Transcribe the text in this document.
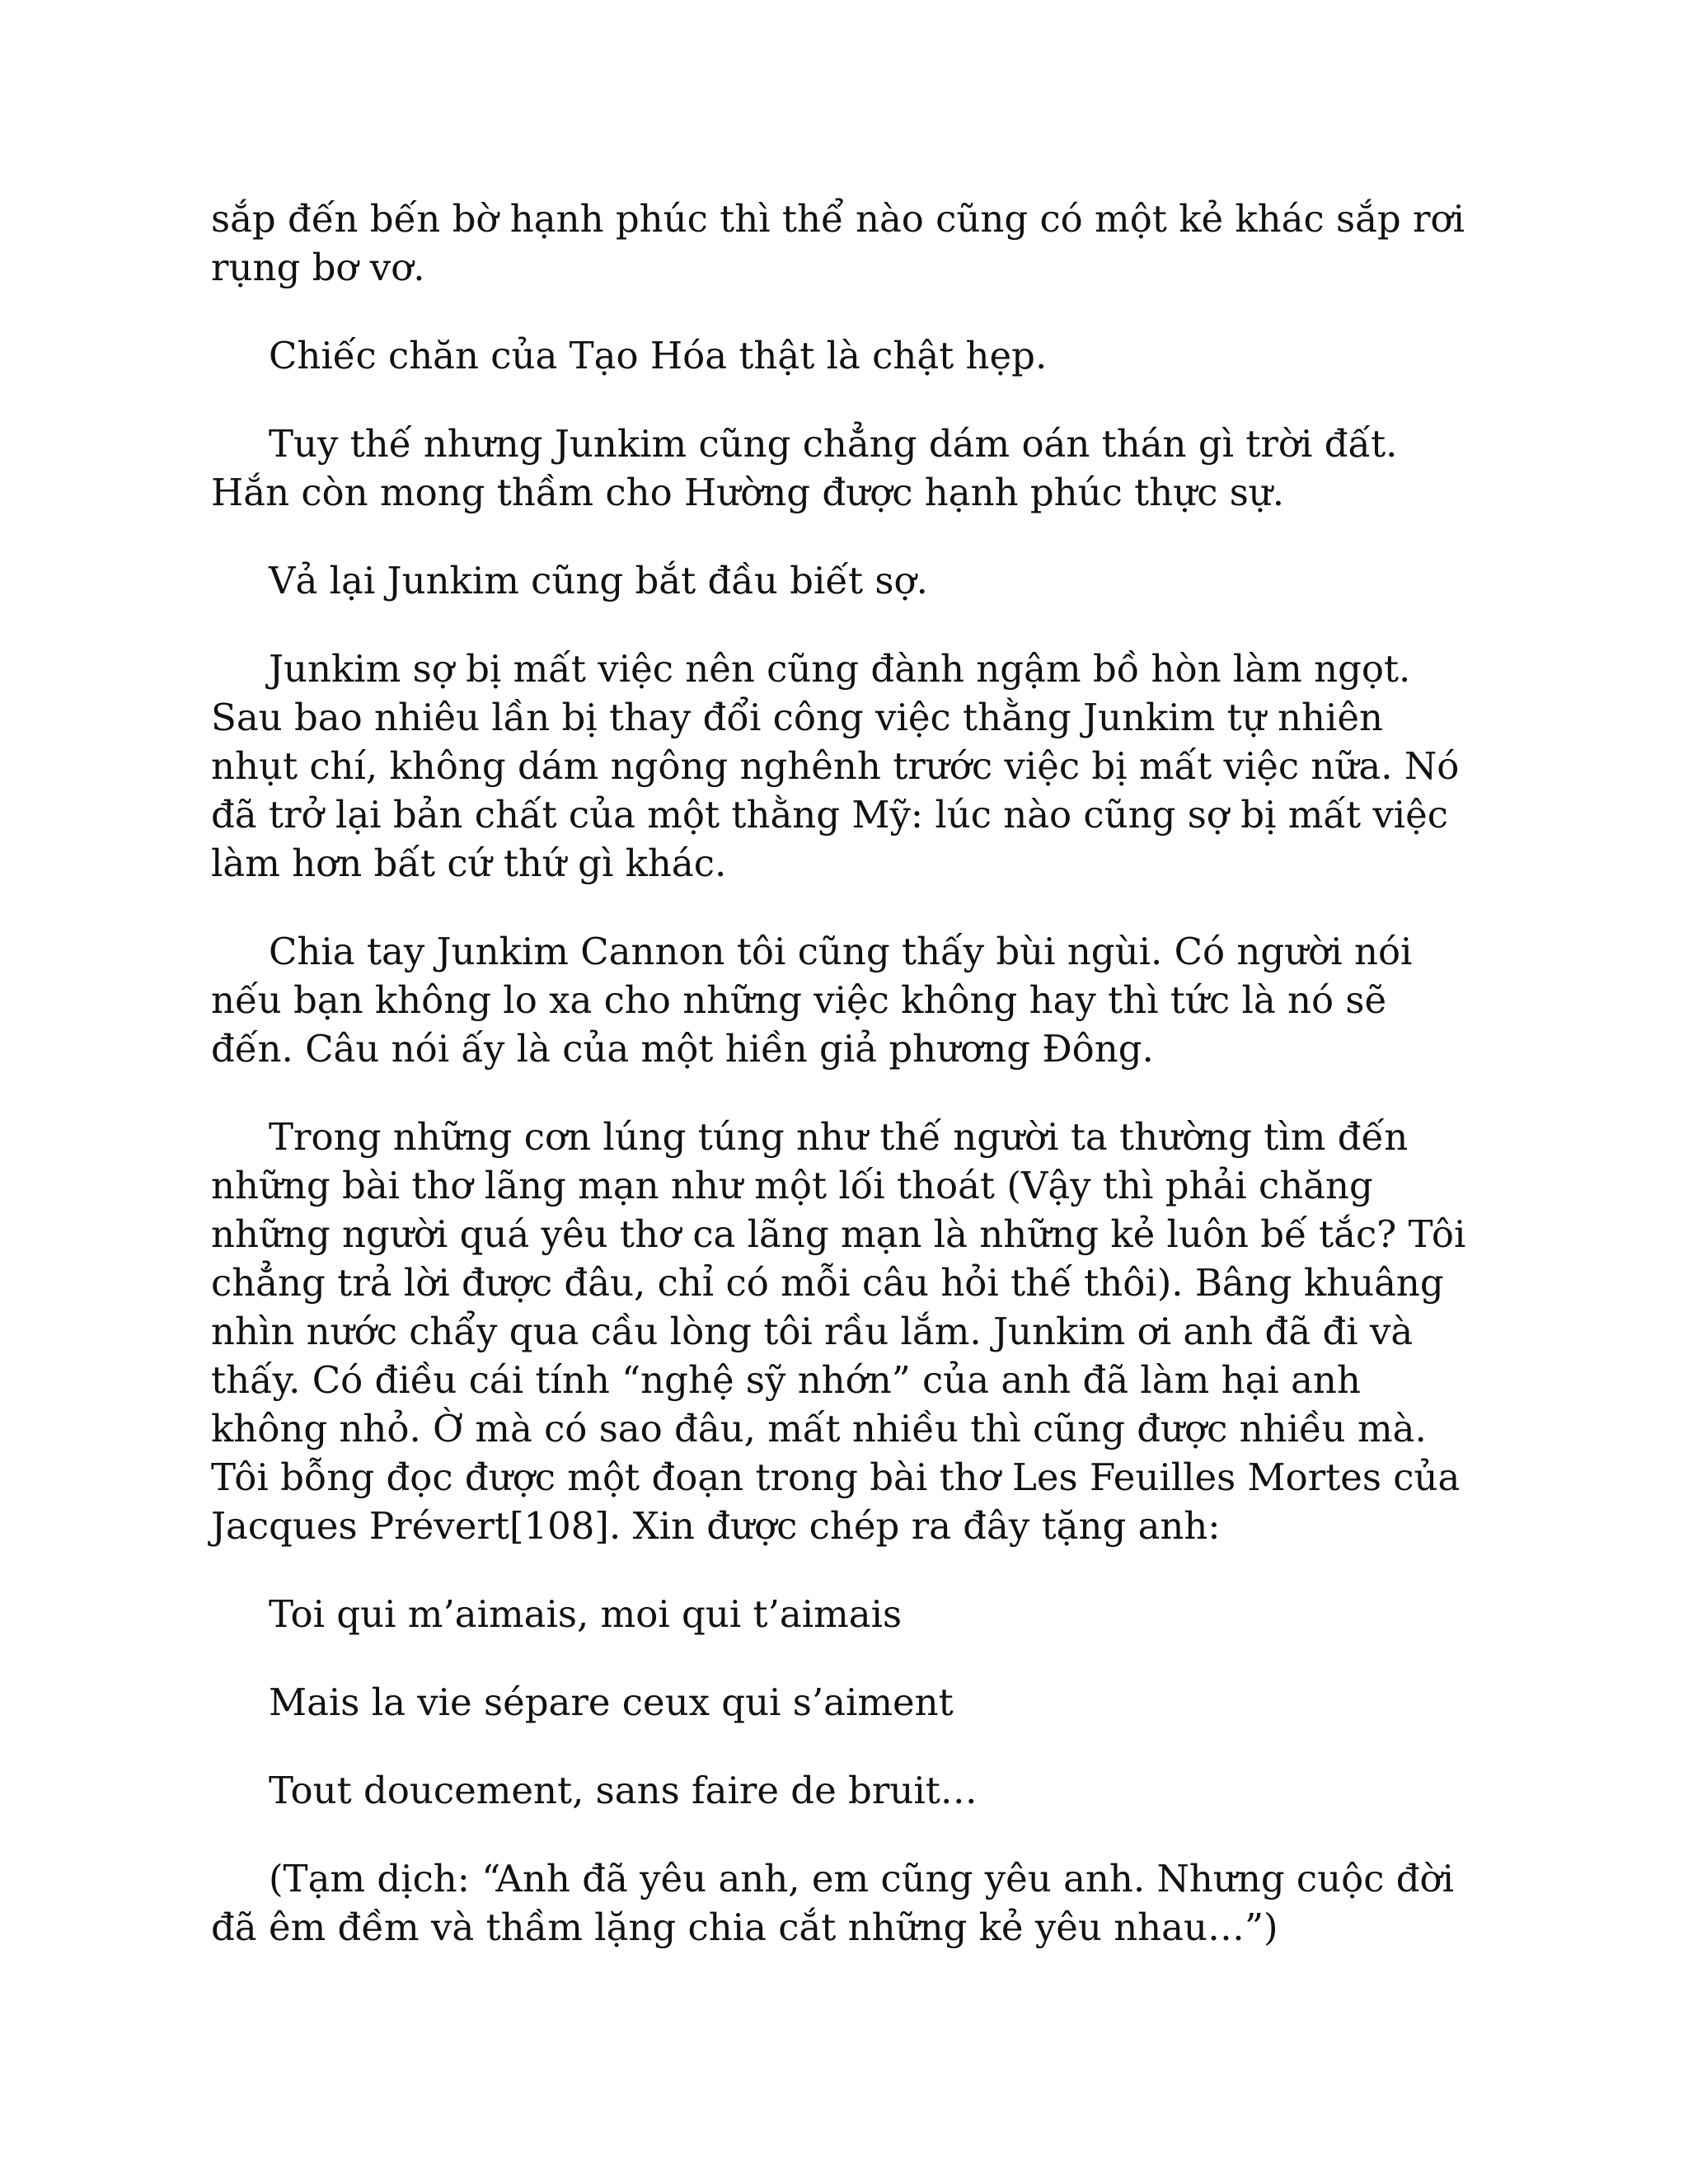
sắp đến bến bờ hạnh phúc thì thể nào cũng có một kẻ khác sắp rơi rụng bơ vơ.

Chiếc chăn của Tạo Hóa thật là chật hẹp.

Tuy thế nhưng Junkim cũng chẳng dám oán thán gì trời đất. Hắn còn mong thầm cho Hường được hạnh phúc thực sự.

Vả lại Junkim cũng bắt đầu biết sợ.

Junkim sợ bị mất việc nên cũng đành ngậm bồ hòn làm ngọt. Sau bao nhiêu lần bị thay đổi công việc thằng Junkim tự nhiên nhụt chí, không dám ngông nghênh trước việc bị mất việc nữa. Nó đã trở lại bản chất của một thằng Mỹ: lúc nào cũng sợ bị mất việc làm hơn bất cứ thứ gì khác.

Chia tay Junkim Cannon tôi cũng thấy bùi ngùi. Có người nói nếu bạn không lo xa cho những việc không hay thì tức là nó sẽ đến. Câu nói ấy là của một hiền giả phương Đông.

Trong những cơn lúng túng như thế người ta thường tìm đến những bài thơ lãng mạn như một lối thoát (Vậy thì phải chăng những người quá yêu thơ ca lãng mạn là những kẻ luôn bế tắc? Tôi chẳng trả lời được đâu, chỉ có mỗi câu hỏi thế thôi). Bâng khuâng nhìn nước chẩy qua cầu lòng tôi rầu lắm. Junkim ơi anh đã đi và thấy. Có điều cái tính “nghệ sỹ nhớn” của anh đã làm hại anh không nhỏ. Ờ mà có sao đâu, mất nhiều thì cũng được nhiều mà. Tôi bỗng đọc được một đoạn trong bài thơ Les Feuilles Mortes của Jacques Prévert[108]. Xin được chép ra đây tặng anh:

Toi qui m’aimais, moi qui t’aimais

Mais la vie sépare ceux qui s’aiment

Tout doucement, sans faire de bruit…

(Tạm dịch: “Anh đã yêu anh, em cũng yêu anh. Nhưng cuộc đời đã êm đềm và thầm lặng chia cắt những kẻ yêu nhau…”)
